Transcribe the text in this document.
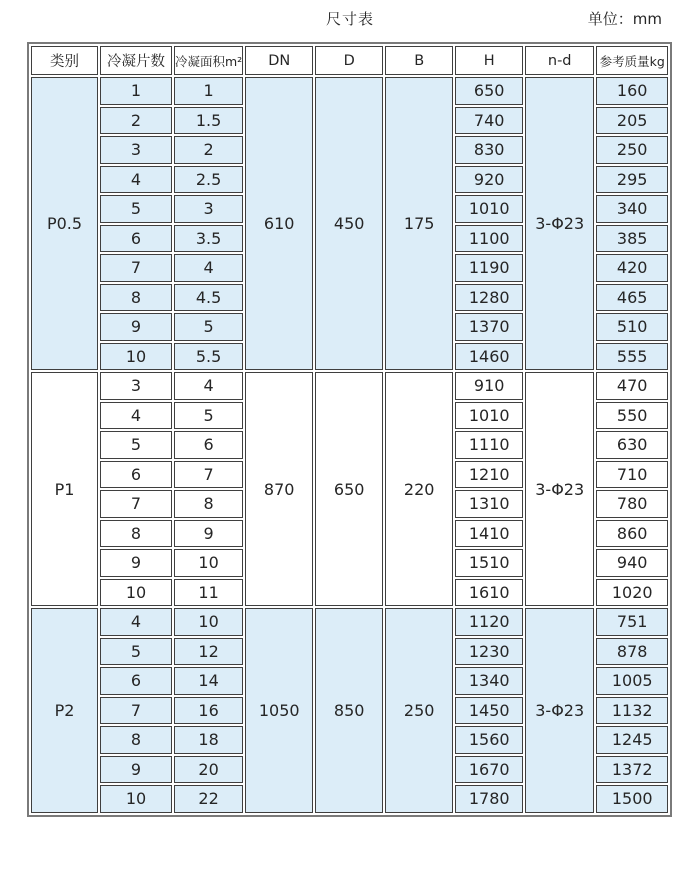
尺寸表	单位：mm
类别	冷凝片数	冷凝面积m²	DN	D	B	H	n-d	参考质量kg
P0.5	1	1	610	450	175	650	3-Φ23	160
	2	1.5				740		205
	3	2				830		250
	4	2.5				920		295
	5	3				1010		340
	6	3.5				1100		385
	7	4				1190		420
	8	4.5				1280		465
	9	5				1370		510
	10	5.5				1460		555
P1	3	4	870	650	220	910	3-Φ23	470
	4	5				1010		550
	5	6				1110		630
	6	7				1210		710
	7	8				1310		780
	8	9				1410		860
	9	10				1510		940
	10	11				1610		1020
P2	4	10	1050	850	250	1120	3-Φ23	751
	5	12				1230		878
	6	14				1340		1005
	7	16				1450		1132
	8	18				1560		1245
	9	20				1670		1372
	10	22				1780		1500
